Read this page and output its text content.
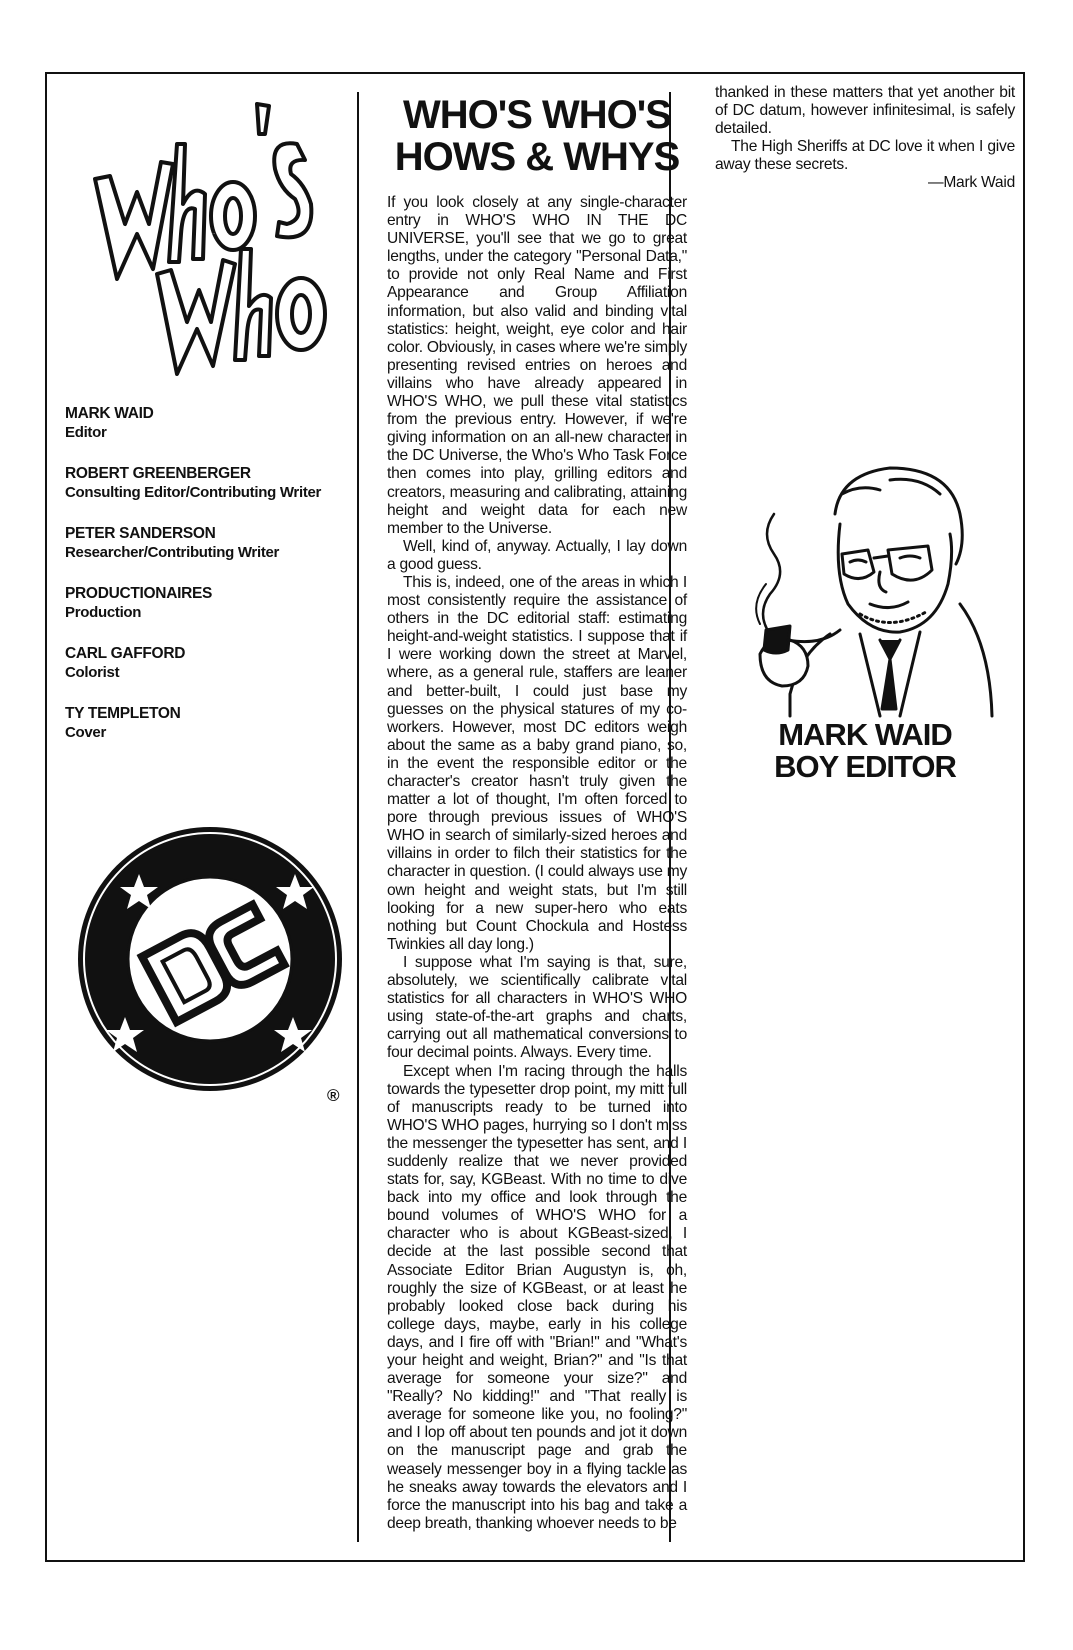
Who's Who
MARK WAID
Editor
ROBERT GREENBERGER
Consulting Editor/Contributing Writer
PETER SANDERSON
Researcher/Contributing Writer
PRODUCTIONAIRES
Production
CARL GAFFORD
Colorist
TY TEMPLETON
Cover
DC
®
WHO'S WHO'S
HOWS & WHYS

If you look closely at any single-character entry in WHO'S WHO IN THE DC UNIVERSE, you'll see that we go to great lengths, under the category "Personal Data," to provide not only Real Name and First Appearance and Group Affiliation information, but also valid and binding vital statistics: height, weight, eye color and hair color. Obviously, in cases where we're simply presenting revised entries on heroes and villains who have already appeared in WHO'S WHO, we pull these vital statistics from the previous entry. However, if we're giving information on an all-new character in the DC Universe, the Who's Who Task Force then comes into play, grilling editors and creators, measuring and calibrating, attaining height and weight data for each new member to the Universe.

Well, kind of, anyway. Actually, I lay down a good guess.

This is, indeed, one of the areas in which I most consistently require the assistance of others in the DC editorial staff: estimating height-and-weight statistics. I suppose that if I were working down the street at Marvel, where, as a general rule, staffers are leaner and better-built, I could just base my guesses on the physical statures of my co-workers. However, most DC editors weigh about the same as a baby grand piano, so, in the event the responsible editor or the character's creator hasn't truly given the matter a lot of thought, I'm often forced to pore through previous issues of WHO'S WHO in search of similarly-sized heroes and villains in order to filch their statistics for the character in question. (I could always use my own height and weight stats, but I'm still looking for a new super-hero who eats nothing but Count Chockula and Hostess Twinkies all day long.)

I suppose what I'm saying is that, sure, absolutely, we scientifically calibrate vital statistics for all characters in WHO'S WHO using state-of-the-art graphs and charts, carrying out all mathematical conversions to four decimal points. Always. Every time.

Except when I'm racing through the halls towards the typesetter drop point, my mitt full of manuscripts ready to be turned into WHO'S WHO pages, hurrying so I don't miss the messenger the typesetter has sent, and I suddenly realize that we never provided stats for, say, KGBeast. With no time to dive back into my office and look through the bound volumes of WHO'S WHO for a character who is about KGBeast-sized, I decide at the last possible second that Associate Editor Brian Augustyn is, oh, roughly the size of KGBeast, or at least he probably looked close back during his college days, maybe, early in his college days, and I fire off with "Brian!" and "What's your height and weight, Brian?" and "Is that average for someone your size?" and "Really? No kidding!" and "That really is average for someone like you, no fooling?" and I lop off about ten pounds and jot it down on the manuscript page and grab the weasely messenger boy in a flying tackle as he sneaks away towards the elevators and I force the manuscript into his bag and take a deep breath, thanking whoever needs to be

thanked in these matters that yet another bit of DC datum, however infinitesimal, is safely detailed.

The High Sheriffs at DC love it when I give away these secrets.

—Mark Waid

MARK WAID
BOY EDITOR
